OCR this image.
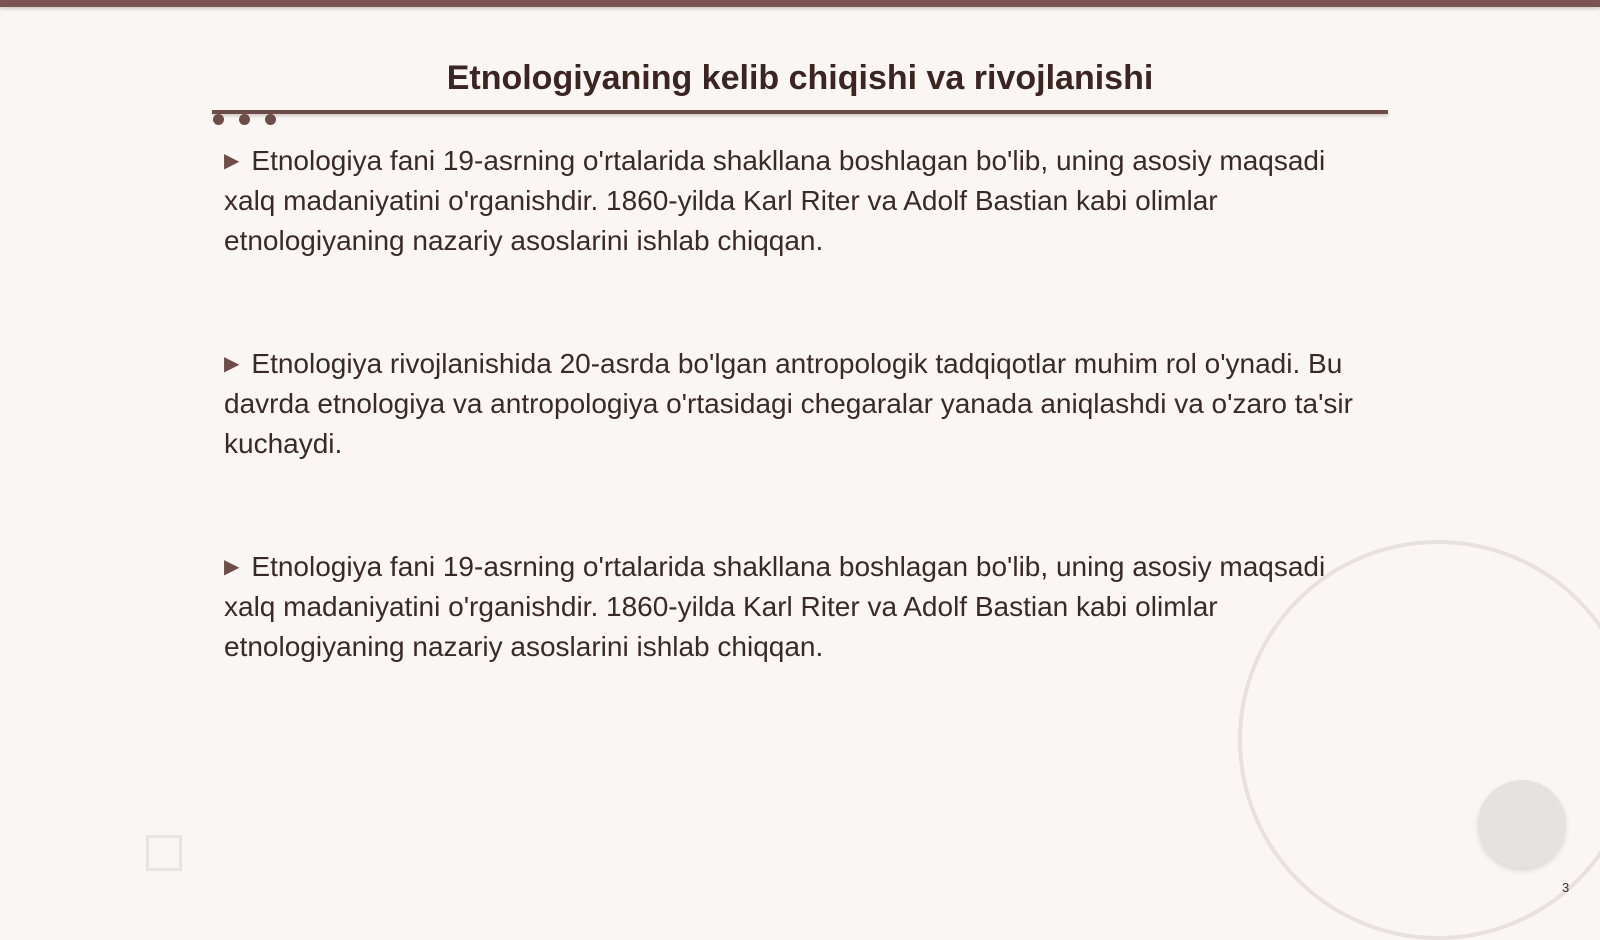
Etnologiyaning kelib chiqishi va rivojlanishi

▶ Etnologiya fani 19-asrning o'rtalarida shakllana boshlagan bo'lib, uning asosiy maqsadi xalq madaniyatini o'rganishdir. 1860-yilda Karl Riter va Adolf Bastian kabi olimlar etnologiyaning nazariy asoslarini ishlab chiqqan.

▶ Etnologiya rivojlanishida 20-asrda bo'lgan antropologik tadqiqotlar muhim rol o'ynadi. Bu davrda etnologiya va antropologiya o'rtasidagi chegaralar yanada aniqlashdi va o'zaro ta'sir kuchaydi.

▶ Etnologiya fani 19-asrning o'rtalarida shakllana boshlagan bo'lib, uning asosiy maqsadi xalq madaniyatini o'rganishdir. 1860-yilda Karl Riter va Adolf Bastian kabi olimlar etnologiyaning nazariy asoslarini ishlab chiqqan.

3
